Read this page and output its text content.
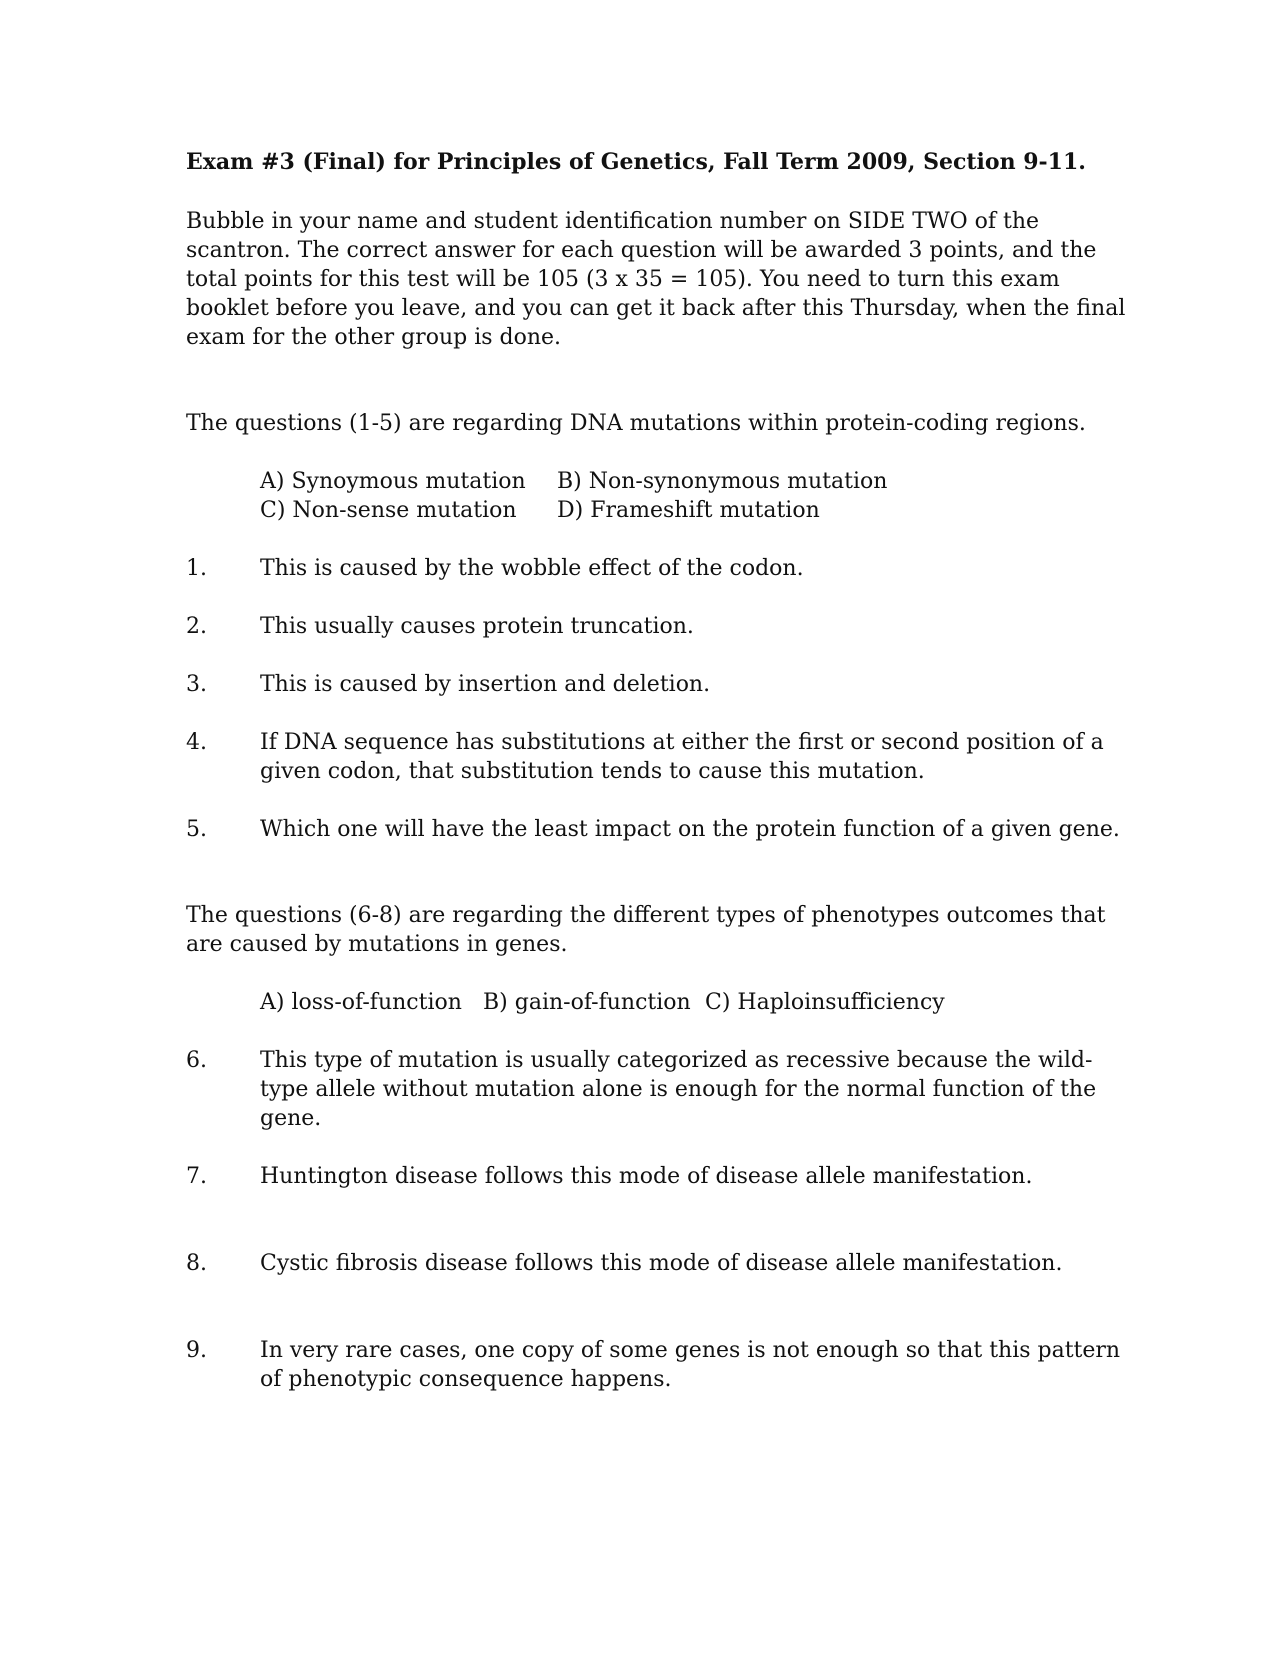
Exam #3 (Final) for Principles of Genetics, Fall Term 2009, Section 9-11.
Bubble in your name and student identification number on SIDE TWO of the
scantron. The correct answer for each question will be awarded 3 points, and the
total points for this test will be 105 (3 x 35 = 105). You need to turn this exam
booklet before you leave, and you can get it back after this Thursday, when the final
exam for the other group is done.
The questions (1-5) are regarding DNA mutations within protein-coding regions.
A) Synoymous mutation B) Non-synonymous mutation
C) Non-sense mutation D) Frameshift mutation
1. This is caused by the wobble effect of the codon.
2. This usually causes protein truncation.
3. This is caused by insertion and deletion.
4. If DNA sequence has substitutions at either the first or second position of a
given codon, that substitution tends to cause this mutation.
5. Which one will have the least impact on the protein function of a given gene.
The questions (6-8) are regarding the different types of phenotypes outcomes that
are caused by mutations in genes.
A) loss-of-function B) gain-of-function C) Haploinsufficiency
6. This type of mutation is usually categorized as recessive because the wild-
type allele without mutation alone is enough for the normal function of the
gene.
7. Huntington disease follows this mode of disease allele manifestation.
8. Cystic fibrosis disease follows this mode of disease allele manifestation.
9. In very rare cases, one copy of some genes is not enough so that this pattern
of phenotypic consequence happens.
